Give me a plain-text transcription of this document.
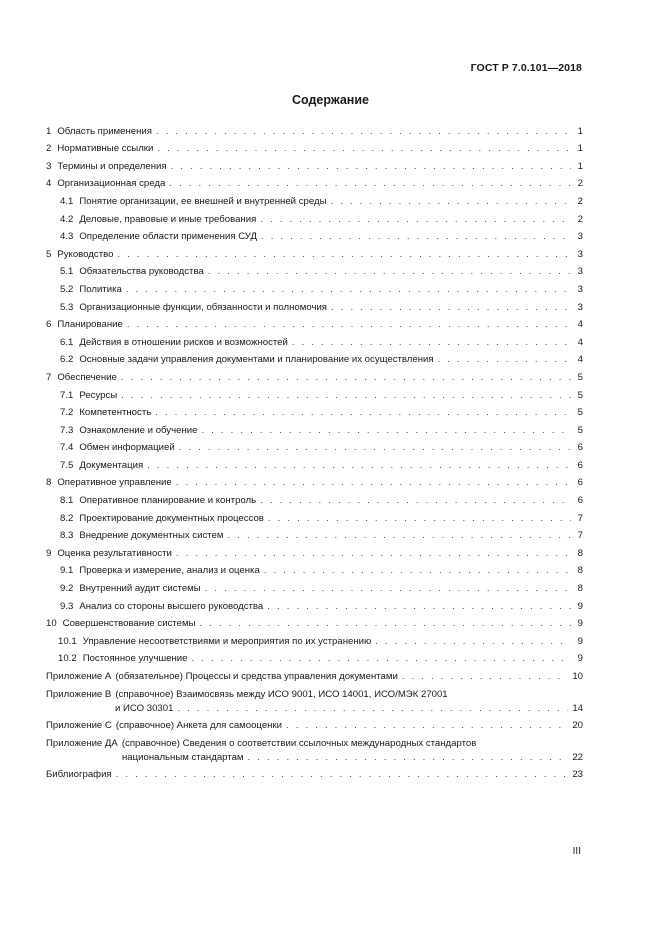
ГОСТ Р 7.0.101—2018
Содержание
1 Область применения . . .	1
2 Нормативные ссылки . . .	1
3 Термины и определения . . .	1
4 Организационная среда . . .	2
4.1 Понятие организации, ее внешней и внутренней среды . . .	2
4.2 Деловые, правовые и иные требования . . .	2
4.3 Определение области применения СУД . . .	3
5 Руководство . . .	3
5.1 Обязательства руководства . . .	3
5.2 Политика . . .	3
5.3 Организационные функции, обязанности и полномочия . . .	3
6 Планирование . . .	4
6.1 Действия в отношении рисков и возможностей . . .	4
6.2 Основные задачи управления документами и планирование их осуществления . . .	4
7 Обеспечение . . .	5
7.1 Ресурсы . . .	5
7.2 Компетентность . . .	5
7.3 Ознакомление и обучение . . .	5
7.4 Обмен информацией . . .	6
7.5 Документация . . .	6
8 Оперативное управление . . .	6
8.1 Оперативное планирование и контроль . . .	6
8.2 Проектирование документных процессов . . .	7
8.3 Внедрение документных систем . . .	7
9 Оценка результативности . . .	8
9.1 Проверка и измерение, анализ и оценка . . .	8
9.2 Внутренний аудит системы . . .	8
9.3 Анализ со стороны высшего руководства . . .	9
10 Совершенствование системы . . .	9
10.1 Управление несоответствиями и мероприятия по их устранению . . .	9
10.2 Постоянное улучшение . . .	9
Приложение А (обязательное) Процессы и средства управления документами . . .	10
Приложение В (справочное) Взаимосвязь между ИСО 9001, ИСО 14001, ИСО/МЭК 27001
и ИСО 30301 . . .	14
Приложение С (справочное) Анкета для самооценки . . .	20
Приложение ДА (справочное) Сведения о соответствии ссылочных международных стандартов
национальным стандартам . . .	22
Библиография . . .	23
III
